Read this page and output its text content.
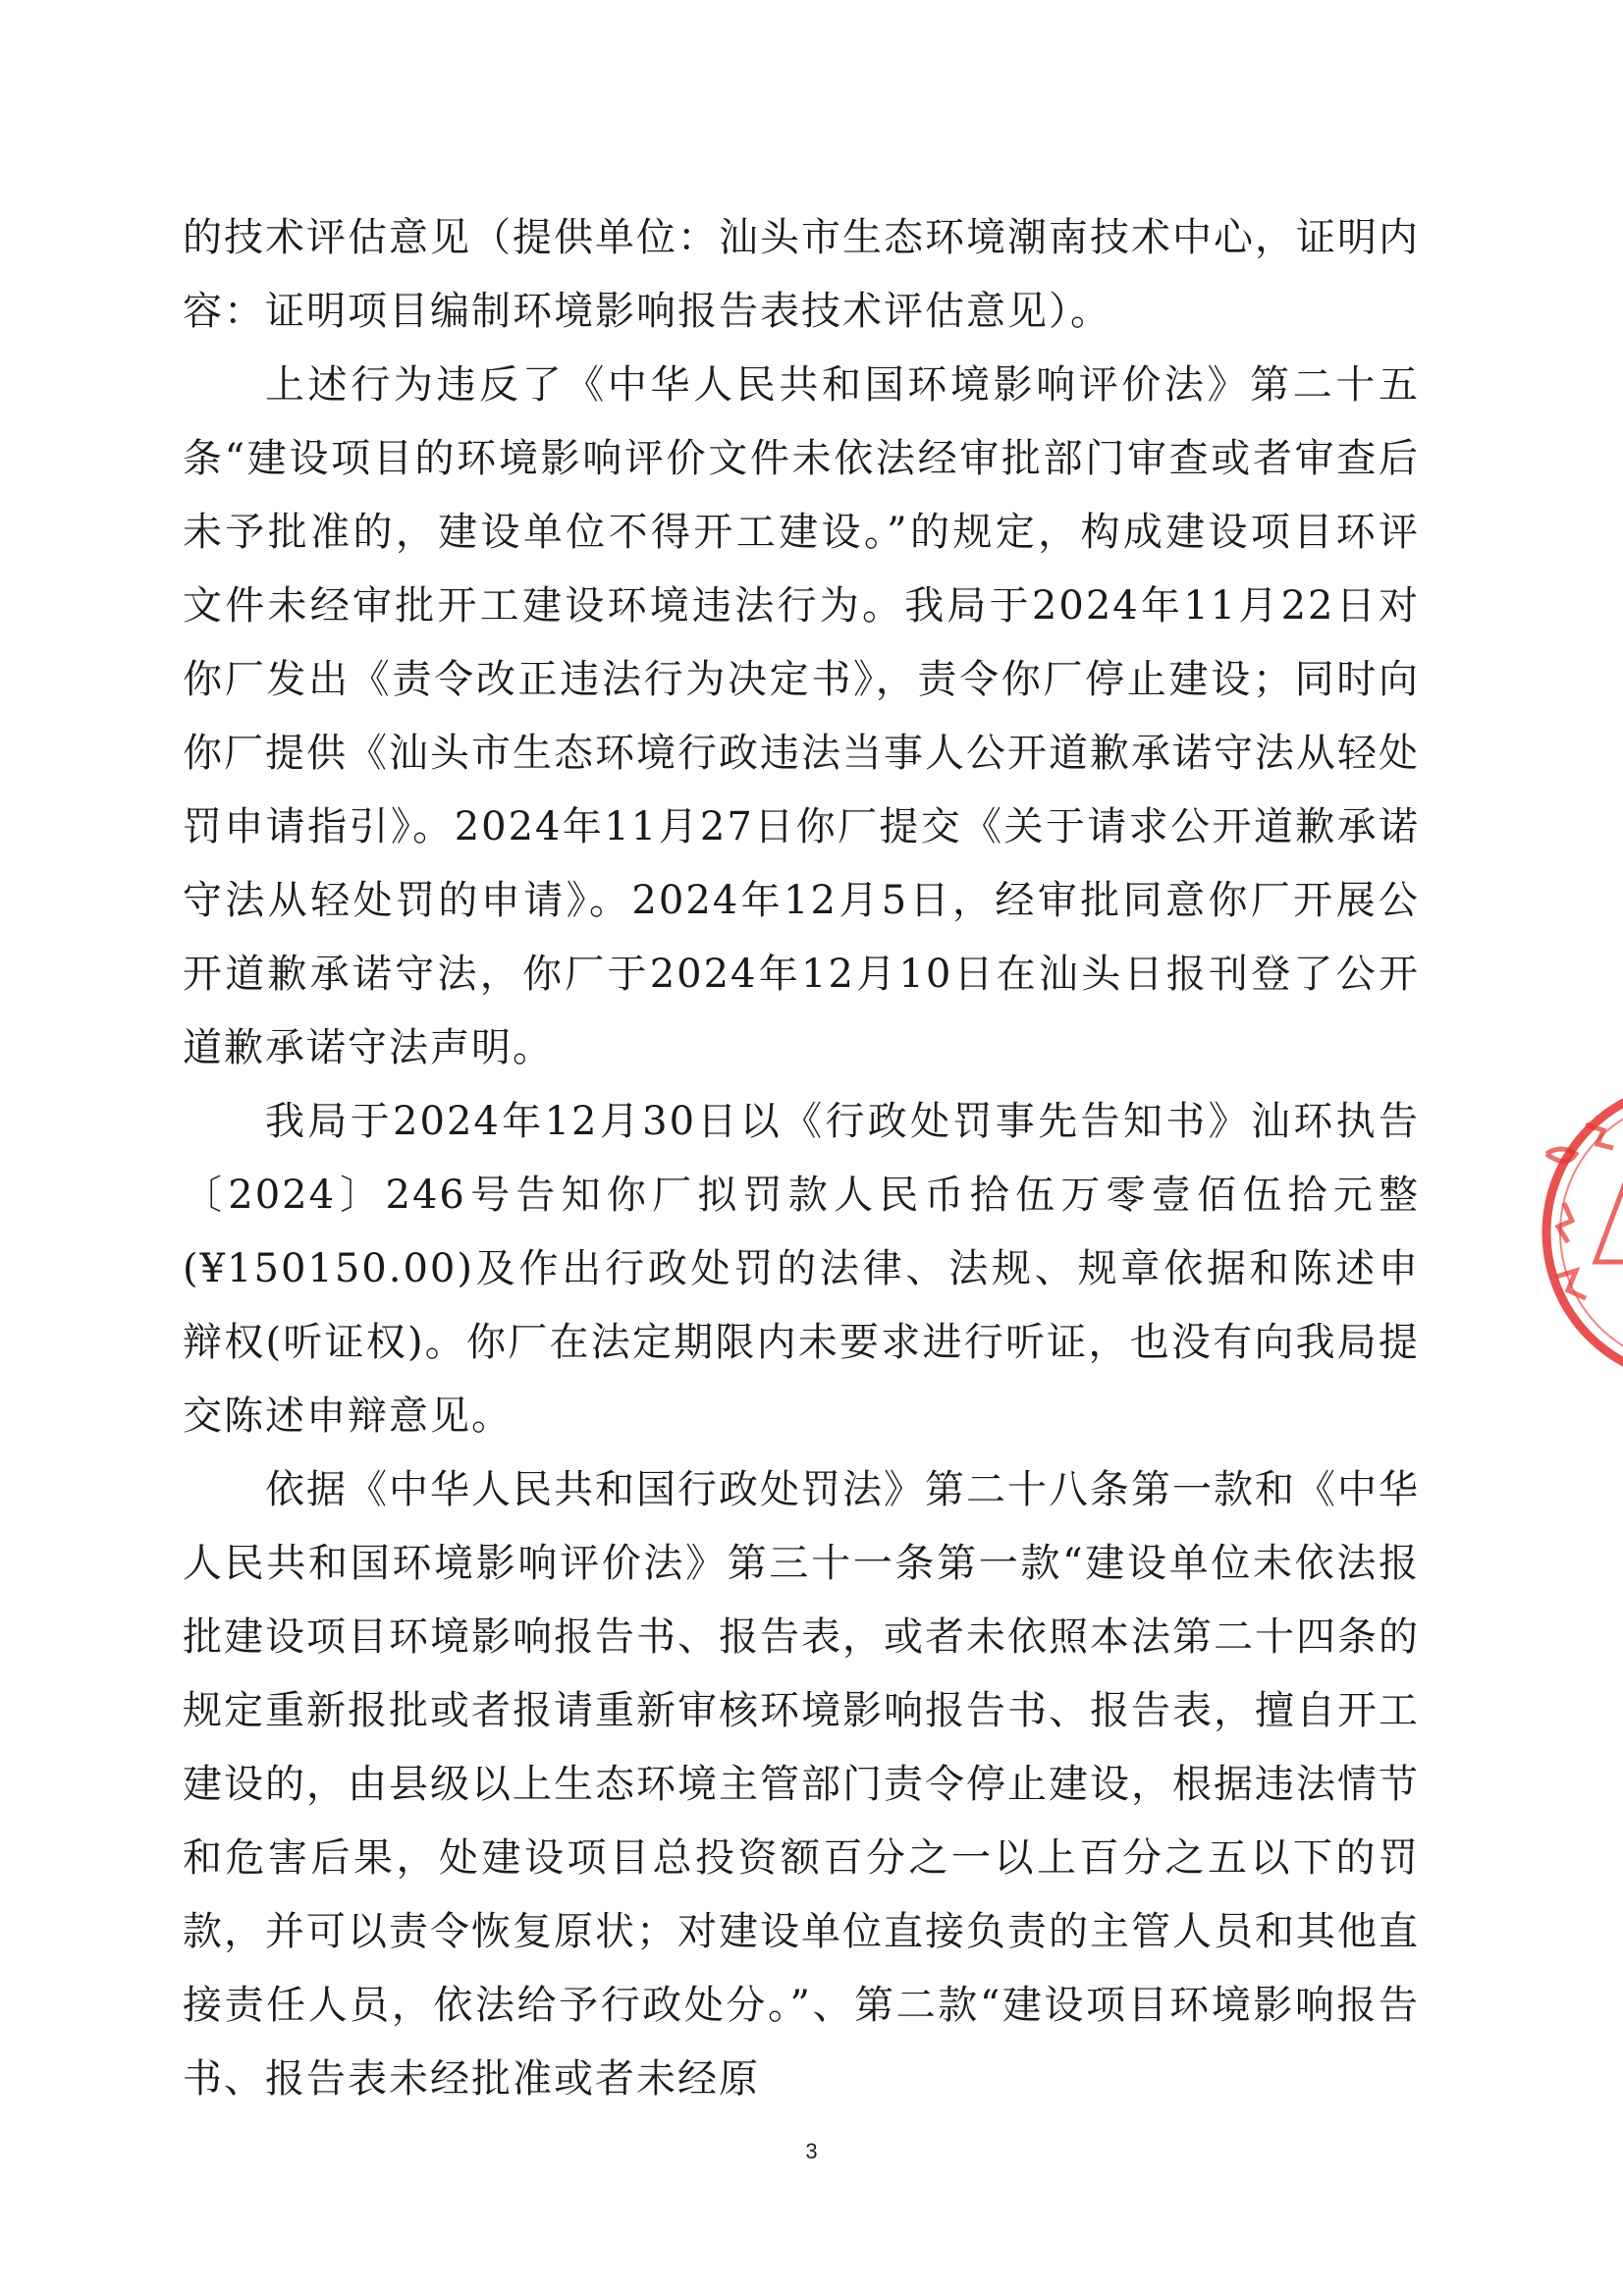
的技术评估意见（提供单位：汕头市生态环境潮南技术中心，证明内容：证明项目编制环境影响报告表技术评估意见）。

上述行为违反了《中华人民共和国环境影响评价法》第二十五条“建设项目的环境影响评价文件未依法经审批部门审查或者审查后未予批准的，建设单位不得开工建设。”的规定，构成建设项目环评文件未经审批开工建设环境违法行为。我局于2024年11月22日对你厂发出《责令改正违法行为决定书》，责令你厂停止建设；同时向你厂提供《汕头市生态环境行政违法当事人公开道歉承诺守法从轻处罚申请指引》。2024年11月27日你厂提交《关于请求公开道歉承诺守法从轻处罚的申请》。2024年12月5日，经审批同意你厂开展公开道歉承诺守法，你厂于2024年12月10日在汕头日报刊登了公开道歉承诺守法声明。

我局于2024年12月30日以《行政处罚事先告知书》汕环执告〔2024〕246号告知你厂拟罚款人民币拾伍万零壹佰伍拾元整(¥150150.00)及作出行政处罚的法律、法规、规章依据和陈述申辩权(听证权)。你厂在法定期限内未要求进行听证，也没有向我局提交陈述申辩意见。

依据《中华人民共和国行政处罚法》第二十八条第一款和《中华人民共和国环境影响评价法》第三十一条第一款“建设单位未依法报批建设项目环境影响报告书、报告表，或者未依照本法第二十四条的规定重新报批或者报请重新审核环境影响报告书、报告表，擅自开工建设的，由县级以上生态环境主管部门责令停止建设，根据违法情节和危害后果，处建设项目总投资额百分之一以上百分之五以下的罚款，并可以责令恢复原状；对建设单位直接负责的主管人员和其他直接责任人员，依法给予行政处分。”、第二款“建设项目环境影响报告书、报告表未经批准或者未经原

3
